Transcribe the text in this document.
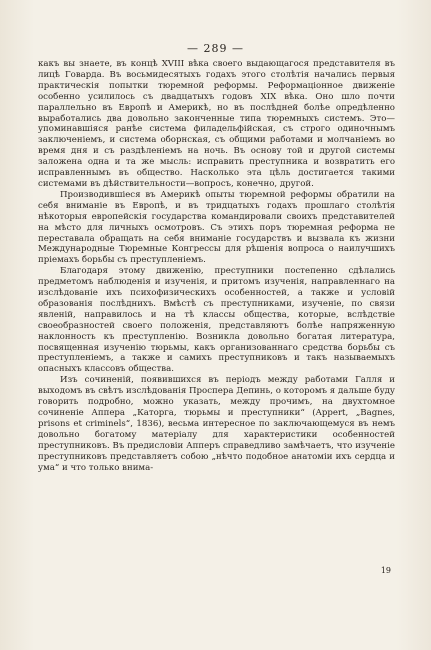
— 289 —

какъ вы знаете, въ концѣ XVIII вѣка своего выдающагося представителя въ лицѣ Говарда. Въ восьмидесятыхъ годахъ этого столѣтія начались первыя практическія попытки тюремной реформы. Реформаціонное движеніе особенно усилилось съ двадцатыхъ годовъ XIX вѣка. Оно шло почти параллельно въ Европѣ и Америкѣ, но въ послѣдней болѣе опредѣленно выработались два довольно законченные типа тюремныхъ системъ. Это—упоминавшіяся ранѣе система филадельфійская, съ строго одиночнымъ заключеніемъ, и система оборнская, съ общими работами и молчаніемъ во время дня и съ раздѣленіемъ на ночь. Въ основу той и другой системы заложена одна и та же мысль: исправить преступника и возвратить его исправленнымъ въ общество. Насколько эта цѣль достигается такими системами въ дѣйствительности—вопросъ, конечно, другой.

Производившіеся въ Америкѣ опыты тюремной реформы обратили на себя вниманіе въ Европѣ, и въ тридцатыхъ годахъ прошлаго столѣтія нѣкоторыя европейскія государства командировали своихъ представителей на мѣсто для личныхъ осмотровъ. Съ этихъ поръ тюремная реформа не переставала обращать на себя вниманіе государствъ и вызвала къ жизни Международные Тюремные Конгрессы для рѣшенія вопроса о наилучшихъ пріемахъ борьбы съ преступленіемъ.

Благодаря этому движенію, преступники постепенно сдѣлались предметомъ наблюденія и изученія, и притомъ изученія, направленнаго на изслѣдованіе ихъ психофизическихъ особенностей, а также и условій образованія послѣднихъ. Вмѣстѣ съ преступниками, изученіе, по связи явленій, направилось и на тѣ классы общества, которые, вслѣдствіе своеобразностей своего положенія, представляютъ болѣе напряженную наклонность къ преступленію. Возникла довольно богатая литература, посвященная изученію тюрьмы, какъ организованнаго средства борьбы съ преступленіемъ, а также и самихъ преступниковъ и такъ называемыхъ опасныхъ классовъ общества.

Изъ сочиненій, появившихся въ періодъ между работами Галля и выходомъ въ свѣтъ изслѣдованія Проспера Депинь, о которомъ я дальше буду говорить подробно, можно указать, между прочимъ, на двухтомное сочиненіе Аппера „Каторга, тюрьмы и преступники“ (Appert, „Bagnes, prisons et criminels“, 1836), весьма интересное по заключающемуся въ немъ довольно богатому матеріалу для характеристики особенностей преступниковъ. Въ предисловіи Апперъ справедливо замѣчаетъ, что изученіе преступниковъ представляетъ собою „нѣчто подобное анатоміи ихъ сердца и ума“ и что только внима-

19
